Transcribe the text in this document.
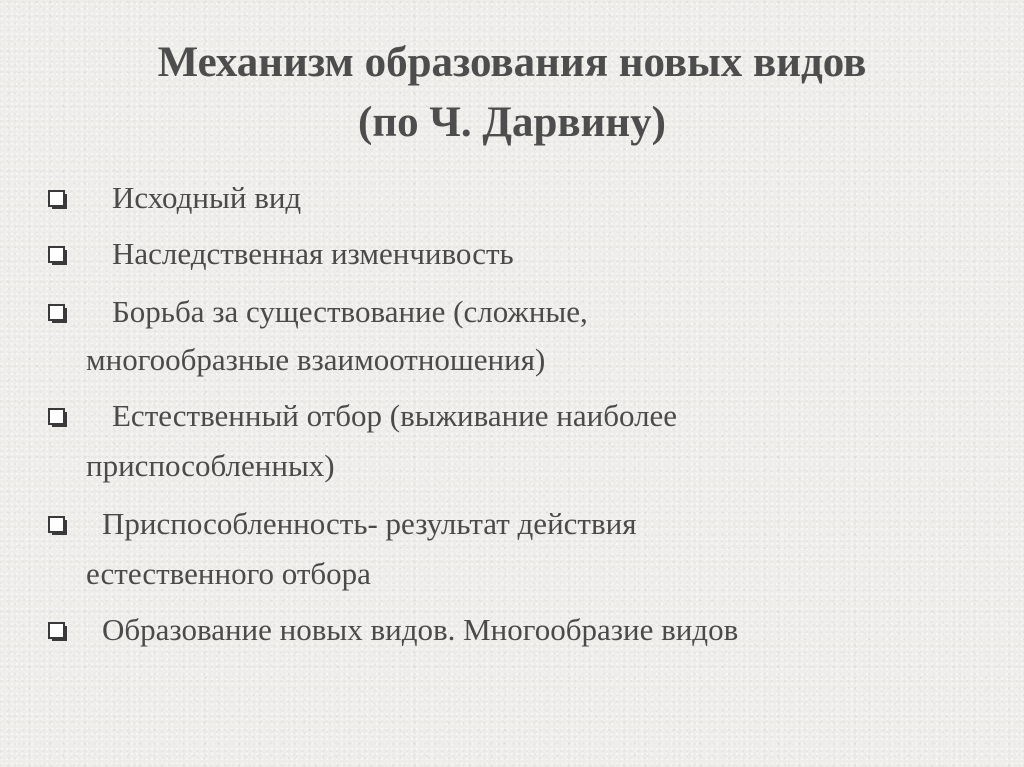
Механизм образования новых видов
(по Ч. Дарвину)
Исходный вид
Наследственная изменчивость
Борьба за существование (сложные,
многообразные взаимоотношения)
Естественный отбор (выживание наиболее
приспособленных)
Приспособленность- результат действия
естественного отбора
Образование новых видов. Многообразие видов
